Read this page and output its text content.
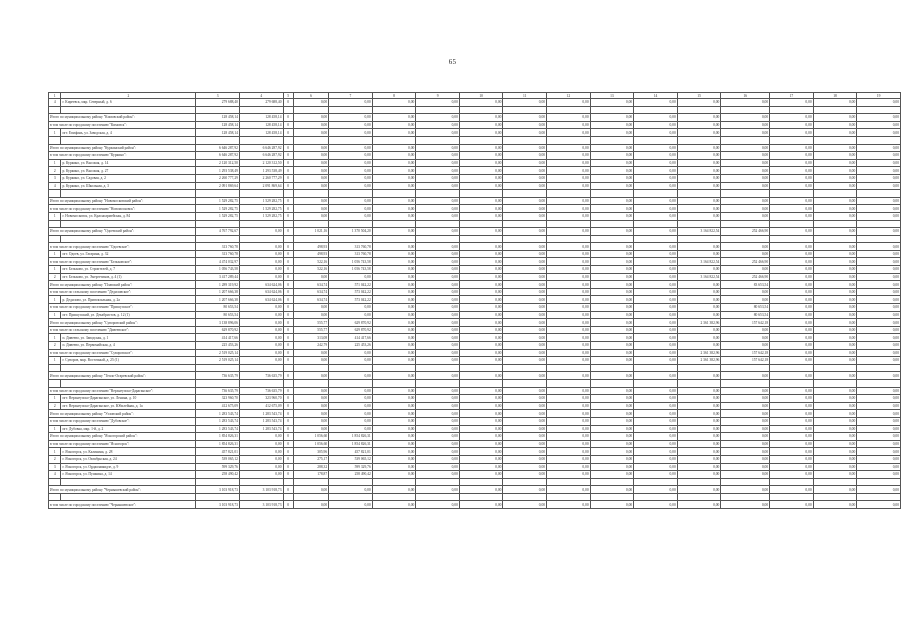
65
1	2	3	4	5	6	7	8	9	10	11	12	13	14	15	16	17	18	19
4	г. Киреевск, мкр. Северный, д. 6	279 688,40	279 688,40	0	0,00	0,00	0,00	0,00	0,00	0,00	0,00	0,00	0,00	0,00	0,00	0,00	0,00	0,00

Итого по муниципальному району "Кимовский район":		128 458,14	128 458,14	0	0,00	0,00	0,00	0,00	0,00	0,00	0,00	0,00	0,00	0,00	0,00	0,00	0,00	0,00
в том числе по городскому поселению "Кимовск":		128 458,14	128 458,14	0	0,00	0,00	0,00	0,00	0,00	0,00	0,00	0,00	0,00	0,00	0,00	0,00	0,00	0,00
1	пгт. Епифань, ул. Заводская, д. 4	128 458,14	128 458,14	0	0,00	0,00	0,00	0,00	0,00	0,00	0,00	0,00	0,00	0,00	0,00	0,00	0,00	0,00

Итого по муниципальному району "Куркинский район":		6 646 287,92	6 646 287,92	0	0,00	0,00	0,00	0,00	0,00	0,00	0,00	0,00	0,00	0,00	0,00	0,00	0,00	0,00
в том числе по городскому поселению "Куркино":		6 646 287,92	6 646 287,92	0	0,00	0,00	0,00	0,00	0,00	0,00	0,00	0,00	0,00	0,00	0,00	0,00	0,00	0,00
1	р. Куркино, ул. Высокая, д. 14	2 120 312,50	2 120 312,50	0	0,00	0,00	0,00	0,00	0,00	0,00	0,00	0,00	0,00	0,00	0,00	0,00	0,00	0,00
2	р. Куркино, ул. Высокая, д. 27	1 293 538,49	1 293 538,49	0	0,00	0,00	0,00	0,00	0,00	0,00	0,00	0,00	0,00	0,00	0,00	0,00	0,00	0,00
3	р. Куркино, ул. Садовая, д. 2	2 260 777,29	2 260 777,29	0	0,00	0,00	0,00	0,00	0,00	0,00	0,00	0,00	0,00	0,00	0,00	0,00	0,00	0,00
4	р. Куркино, ул. Школьная, д. 3	2 091 869,64	2 091 869,64	0	0,00	0,00	0,00	0,00	0,00	0,00	0,00	0,00	0,00	0,00	0,00	0,00	0,00	0,00

Итого по муниципальному району "Новомосковский район":		1 529 282,75	1 529 282,75	0	0,00	0,00	0,00	0,00	0,00	0,00	0,00	0,00	0,00	0,00	0,00	0,00	0,00	0,00
в том числе по городскому поселению "Новомосковск":		1 529 282,75	1 529 282,75	0	0,00	0,00	0,00	0,00	0,00	0,00	0,00	0,00	0,00	0,00	0,00	0,00	0,00	0,00
1	г. Новомосковск, ул. Красноармейская, д. 84	1 529 282,75	1 529 282,75	0	0,00	0,00	0,00	0,00	0,00	0,00	0,00	0,00	0,00	0,00	0,00	0,00	0,00	0,00

Итого по муниципальному району "Одоевский район":		4 767 792,67	0,00	0	1 021,16	1 370 504,20	0,00	0,00	0,00	0,00	0,00	0,00	0,00	3 164 822,54	252 466,90	0,00	0,00	0,00

в том числе по городскому поселению "Одоевское":		313 760,78	0,00	0	498,93	313 760,78	0,00	0,00	0,00	0,00	0,00	0,00	0,00	0,00	0,00	0,00	0,00	0,00
1	пгт. Одоев, ул. Гагарина, д. 32	313 760,78	0,00	0	498,93	313 760,78	0,00	0,00	0,00	0,00	0,00	0,00	0,00	0,00	0,00	0,00	0,00	0,00
в том числе по городскому поселению "Бельковское":		4 474 032,97	0,00	0	522,16	1 056 743,58	0,00	0,00	0,00	0,00	0,00	0,00	0,00	3 164 822,54	252 466,90	0,00	0,00	0,00
1	пгт. Бельково, ул. Строителей, д. 7	1 056 743,58	0,00	0	522,16	1 056 743,58	0,00	0,00	0,00	0,00	0,00	0,00	0,00	0,00	0,00	0,00	0,00	0,00
2	пгт. Бельково, ул. Энергетиков, д. 4 (1)	3 417 289,44	0,00	0	0,00	0,00	0,00	0,00	0,00	0,00	0,00	0,00	0,00	3 164 822,54	252 466,90	0,00	0,00	0,00
Итого по муниципальному району "Плавский район":		1 289 319,92	634 624,06	0	634,74	571 042,22	0,00	0,00	0,00	0,00	0,00	0,00	0,00	0,00	83 653,54	0,00	0,00	0,00
в том числе по сельскому поселению "Дедиловское":		1 207 666,38	634 624,06	0	634,74	573 042,22	0,00	0,00	0,00	0,00	0,00	0,00	0,00	0,00	0,00	0,00	0,00	0,00
1	р. Дедилово, ул. Привокзальная, д. 2а	1 207 666,38	634 624,06	0	634,74	573 042,22	0,00	0,00	0,00	0,00	0,00	0,00	0,00	0,00	0,00	0,00	0,00	0,00
в том числе по городскому поселению "Пришупское":		80 653,54	0,00	0	0,00	0,00	0,00	0,00	0,00	0,00	0,00	0,00	0,00	0,00	80 653,54	0,00	0,00	0,00
1	пгт. Пришупский, ул. Декабристов, д. 12 (1)	80 653,54	0,00	0	0,00	0,00	0,00	0,00	0,00	0,00	0,00	0,00	0,00	0,00	80 653,54	0,00	0,00	0,00
Итого по муниципальному району "Суворовский район":		3 138 896,06	0,00	0	555,77	629 870,92	0,00	0,00	0,00	0,00	0,00	0,00	0,00	2 361 382,96	157 642,18	0,00	0,00	0,00
в том числе по сельскому поселению "Дивеевское":		629 870,92	0,00	0	555,77	629 870,92	0,00	0,00	0,00	0,00	0,00	0,00	0,00	0,00	0,00	0,00	0,00	0,00
1	п. Дивеево, ул. Заводская, д. 1	414 417,66	0,00	0	313,08	414 417,66	0,00	0,00	0,00	0,00	0,00	0,00	0,00	0,00	0,00	0,00	0,00	0,00
2	п. Дивеево, ул. Первомайская, д. 4	225 453,26	0,00	0	242,79	225 453,26	0,00	0,00	0,00	0,00	0,00	0,00	0,00	0,00	0,00	0,00	0,00	0,00
в том числе по городскому поселению "Суворовское":		2 519 025,14	0,00	0	0,00	0,00	0,00	0,00	0,00	0,00	0,00	0,00	0,00	2 361 382,96	157 642,18	0,00	0,00	0,00
1	г. Суворов, мкр. Восточный, д. 25 (1)	2 519 025,14	0,00	0	0,00	0,00	0,00	0,00	0,00	0,00	0,00	0,00	0,00	2 361 382,96	157 642,18	0,00	0,00	0,00

Итого по муниципальному району "Тепло-Огаревский район":		736 635,79	736 635,79	0	0,00	0,00	0,00	0,00	0,00	0,00	0,00	0,00	0,00	0,00	0,00	0,00	0,00	0,00

в том числе по городскому поселению "Верхнеупско-Дараганское":		736 635,79	736 635,79	0	0,00	0,00	0,00	0,00	0,00	0,00	0,00	0,00	0,00	0,00	0,00	0,00	0,00	0,00
1	пгт. Верхнеупско-Дараганское, ул. Ленина, д. 10	323 960,70	323 960,70	0	0,00	0,00	0,00	0,00	0,00	0,00	0,00	0,00	0,00	0,00	0,00	0,00	0,00	0,00
2	пгт. Верхнеупско-Дараганское, ул. Юбилейная, д. 1а	412 675,09	412 675,09	0	0,00	0,00	0,00	0,00	0,00	0,00	0,00	0,00	0,00	0,00	0,00	0,00	0,00	0,00
Итого по муниципальному району "Узловский район":		1 283 543,74	1 283 543,74	0	0,00	0,00	0,00	0,00	0,00	0,00	0,00	0,00	0,00	0,00	0,00	0,00	0,00	0,00
в том числе по городскому поселению "Дубовское":		1 283 543,74	1 283 543,74	0	0,00	0,00	0,00	0,00	0,00	0,00	0,00	0,00	0,00	0,00	0,00	0,00	0,00	0,00
1	пгт. Дубовка, мкр. 1-й, д. 2	1 283 543,74	1 283 543,74	0	0,00	0,00	0,00	0,00	0,00	0,00	0,00	0,00	0,00	0,00	0,00	0,00	0,00	0,00
Итого по муниципальному району "Ясногорский район":		1 854 826,31	0,00	0	1 056,60	1 854 826,31	0,00	0,00	0,00	0,00	0,00	0,00	0,00	0,00	0,00	0,00	0,00	0,00
в том числе по городскому поселению "Ясногорск":		1 854 826,31	0,00	0	1 056,60	1 854 826,31	0,00	0,00	0,00	0,00	0,00	0,00	0,00	0,00	0,00	0,00	0,00	0,00
1	г. Ясногорск, ул. Калинина, д. 28	457 821,01	0,00	0	305,96	457 821,01	0,00	0,00	0,00	0,00	0,00	0,00	0,00	0,00	0,00	0,00	0,00	0,00
2	г. Ясногорск, ул. Октябрьская, д. 24	539 065,12	0,00	0	275,17	539 065,12	0,00	0,00	0,00	0,00	0,00	0,00	0,00	0,00	0,00	0,00	0,00	0,00
3	г. Ясногорск, ул. Орджоникидзе, д. 9	599 329,76	0,00	0	288,32	599 329,76	0,00	0,00	0,00	0,00	0,00	0,00	0,00	0,00	0,00	0,00	0,00	0,00
4	г. Ясногорск, ул. Пушкина, д. 14	258 490,42	0,00	0	178,87	258 490,42	0,00	0,00	0,00	0,00	0,00	0,00	0,00	0,00	0,00	0,00	0,00	0,00

Итого по муниципальному району "Чернышевский район":		3 103 918,73	3 103 918,73	0	0,00	0,00	0,00	0,00	0,00	0,00	0,00	0,00	0,00	0,00	0,00	0,00	0,00	0,00

в том числе по городскому поселению "Чернышевское":		3 103 918,73	3 103 918,73	0	0,00	0,00	0,00	0,00	0,00	0,00	0,00	0,00	0,00	0,00	0,00	0,00	0,00	0,00
